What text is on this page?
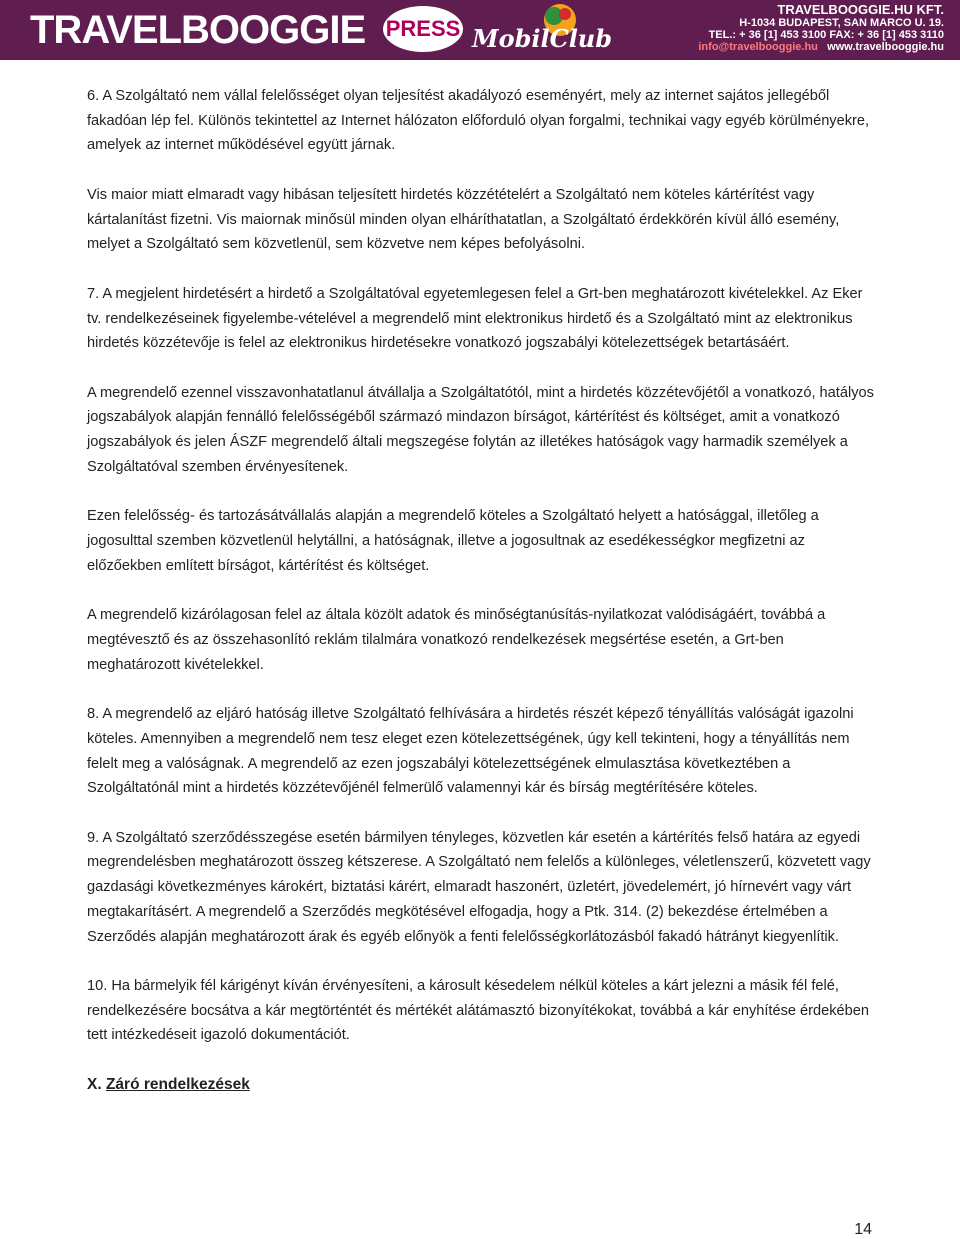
TRAVELBOOGGIE PRESS MobilClub
TRAVELBOOGGIE.HU KFT.
H-1034 BUDAPEST, SAN MARCO U. 19.
TEL.: + 36 [1] 453 3100 FAX: + 36 [1] 453 3110
info@travelbooggie.hu www.travelbooggie.hu

6. A Szolgáltató nem vállal felelősséget olyan teljesítést akadályozó eseményért, mely az internet sajátos jellegéből fakadóan lép fel. Különös tekintettel az Internet hálózaton előforduló olyan forgalmi, technikai vagy egyéb körülményekre, amelyek az internet működésével együtt járnak.

Vis maior miatt elmaradt vagy hibásan teljesített hirdetés közzétételért a Szolgáltató nem köteles kártérítést vagy kártalanítást fizetni. Vis maiornak minősül minden olyan elháríthatatlan, a Szolgáltató érdekkörén kívül álló esemény, melyet a Szolgáltató sem közvetlenül, sem közvetve nem képes befolyásolni.

7. A megjelent hirdetésért a hirdető a Szolgáltatóval egyetemlegesen felel a Grt-ben meghatározott kivételekkel. Az Eker tv. rendelkezéseinek figyelembe-vételével a megrendelő mint elektronikus hirdető és a Szolgáltató mint az elektronikus hirdetés közzétevője is felel az elektronikus hirdetésekre vonatkozó jogszabályi kötelezettségek betartásáért.

A megrendelő ezennel visszavonhatatlanul átvállalja a Szolgáltatótól, mint a hirdetés közzétevőjétől a vonatkozó, hatályos jogszabályok alapján fennálló felelősségéből származó mindazon bírságot, kártérítést és költséget, amit a vonatkozó jogszabályok és jelen ÁSZF megrendelő általi megszegése folytán az illetékes hatóságok vagy harmadik személyek a Szolgáltatóval szemben érvényesítenek.

Ezen felelősség- és tartozásátvállalás alapján a megrendelő köteles a Szolgáltató helyett a hatósággal, illetőleg a jogosulttal szemben közvetlenül helytállni, a hatóságnak, illetve a jogosultnak az esedékességkor megfizetni az előzőekben említett bírságot, kártérítést és költséget.

A megrendelő kizárólagosan felel az általa közölt adatok és minőségtanúsítás-nyilatkozat valódiságáért, továbbá a megtévesztő és az összehasonlító reklám tilalmára vonatkozó rendelkezések megsértése esetén, a Grt-ben meghatározott kivételekkel.

8. A megrendelő az eljáró hatóság illetve Szolgáltató felhívására a hirdetés részét képező tényállítás valóságát igazolni köteles. Amennyiben a megrendelő nem tesz eleget ezen kötelezettségének, úgy kell tekinteni, hogy a tényállítás nem felelt meg a valóságnak. A megrendelő az ezen jogszabályi kötelezettségének elmulasztása következtében a Szolgáltatónál mint a hirdetés közzétevőjénél felmerülő valamennyi kár és bírság megtérítésére köteles.

9. A Szolgáltató szerződésszegése esetén bármilyen tényleges, közvetlen kár esetén a kártérítés felső határa az egyedi megrendelésben meghatározott összeg kétszerese. A Szolgáltató nem felelős a különleges, véletlenszerű, közvetett vagy gazdasági következményes károkért, biztatási kárért, elmaradt haszonért, üzletért, jövedelemért, jó hírnevért vagy várt megtakarításért. A megrendelő a Szerződés megkötésével elfogadja, hogy a Ptk. 314. (2) bekezdése értelmében a Szerződés alapján meghatározott árak és egyéb előnyök a fenti felelősségkorlátozásból fakadó hátrányt kiegyenlítik.

10. Ha bármelyik fél kárigényt kíván érvényesíteni, a károsult késedelem nélkül köteles a kárt jelezni a másik fél felé, rendelkezésére bocsátva a kár megtörténtét és mértékét alátámasztó bizonyítékokat, továbbá a kár enyhítése érdekében tett intézkedéseit igazoló dokumentációt.

X. Záró rendelkezések

14
